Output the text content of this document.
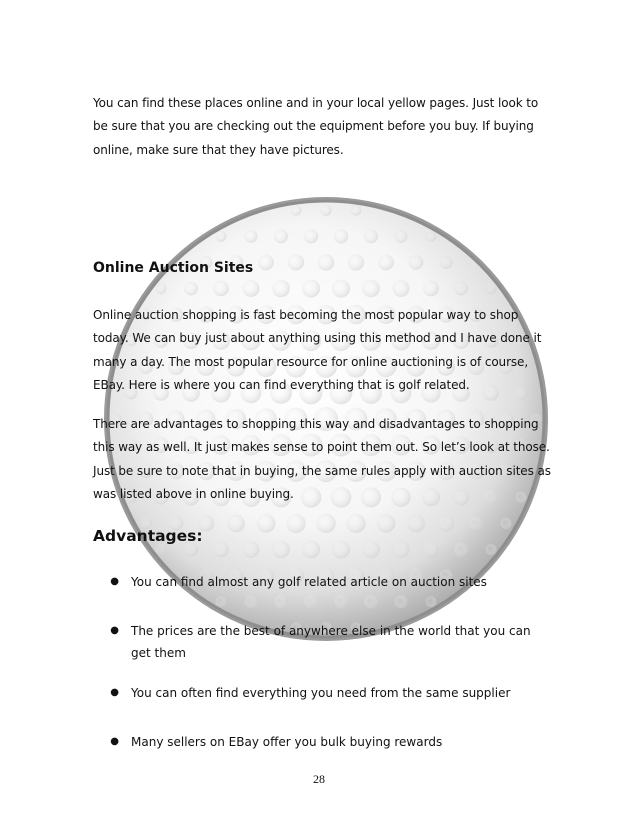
You can find these places online and in your local yellow pages. Just look to be sure that you are checking out the equipment before you buy. If buying online, make sure that they have pictures.

Online Auction Sites

Online auction shopping is fast becoming the most popular way to shop today. We can buy just about anything using this method and I have done it many a day. The most popular resource for online auctioning is of course, EBay. Here is where you can find everything that is golf related.

There are advantages to shopping this way and disadvantages to shopping this way as well. It just makes sense to point them out. So let’s look at those. Just be sure to note that in buying, the same rules apply with auction sites as was listed above in online buying.

Advantages:
●	You can find almost any golf related article on auction sites
●	The prices are the best of anywhere else in the world that you can get them
●	You can often find everything you need from the same supplier
●	Many sellers on EBay offer you bulk buying rewards
28
